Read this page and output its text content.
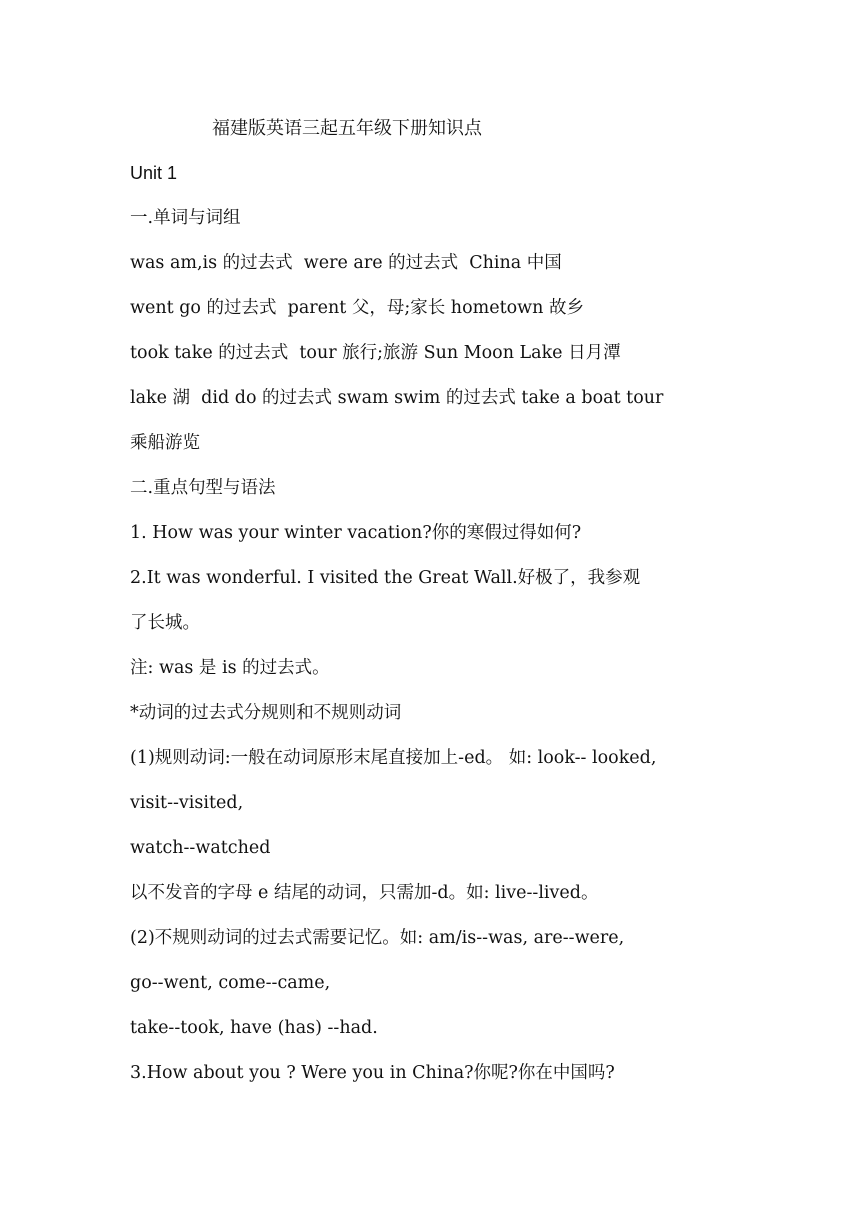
福建版英语三起五年级下册知识点

Unit 1

一.单词与词组

was am,is 的过去式  were are 的过去式  China 中国

went go 的过去式  parent 父，母;家长 hometown 故乡

took take 的过去式  tour 旅行;旅游 Sun Moon Lake 日月潭

lake 湖  did do 的过去式 swam swim 的过去式 take a boat tour

乘船游览

二.重点句型与语法

1. How was your winter vacation?你的寒假过得如何?

2.It was wonderful. I visited the Great Wall.好极了，我参观

了长城。

注: was 是 is 的过去式。

*动词的过去式分规则和不规则动词

(1)规则动词:一般在动词原形末尾直接加上-ed。 如: look-- looked,

visit--visited,

watch--watched

以不发音的字母 e 结尾的动词，只需加-d。如: live--lived。

(2)不规则动词的过去式需要记忆。如: am/is--was, are--were,

go--went, come--came,

take--took, have (has) --had.

3.How about you ? Were you in China?你呢?你在中国吗?
